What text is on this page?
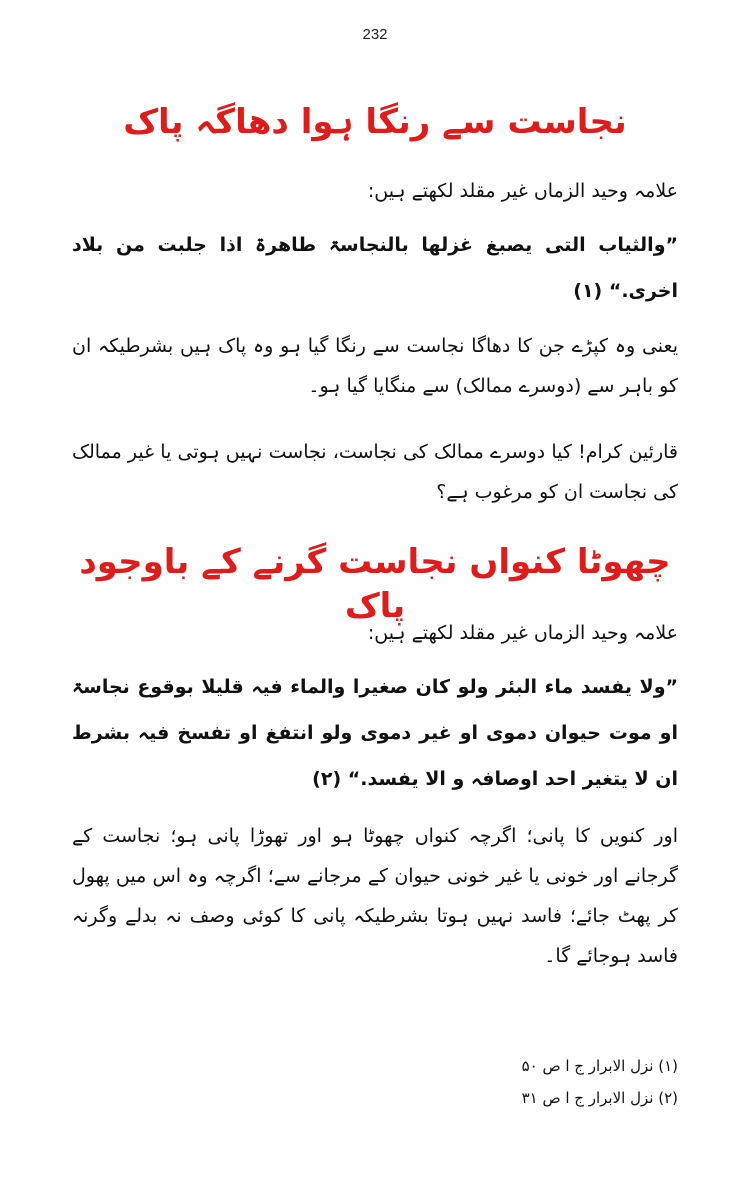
232
نجاست سے رنگا ہوا دھاگہ پاک
علامہ وحید الزماں غیر مقلد لکھتے ہیں:
”والثیاب التی یصبغ غزلھا بالنجاسۃ طاھرۃ اذا جلبت من بلاد اخری.“ (۱)
یعنی وہ کپڑے جن کا دھاگا نجاست سے رنگا گیا ہو وہ پاک ہیں بشرطیکہ ان کو باہر سے (دوسرے ممالک) سے منگایا گیا ہو۔
قارئین کرام! کیا دوسرے ممالک کی نجاست، نجاست نہیں ہوتی یا غیر ممالک کی نجاست ان کو مرغوب ہے؟
چھوٹا کنواں نجاست گرنے کے باوجود پاک
علامہ وحید الزماں غیر مقلد لکھتے ہیں:
”ولا یفسد ماء البئر ولو کان صغیرا والماء فیہ قلیلا بوقوع نجاسۃ او موت حیوان دموی او غیر دموی ولو انتفغ او تفسخ فیہ بشرط ان لا یتغیر احد اوصافہ و الا یفسد.“ (۲)
اور کنویں کا پانی؛ اگرچہ کنواں چھوٹا ہو اور تھوڑا پانی ہو؛ نجاست کے گرجانے اور خونی یا غیر خونی حیوان کے مرجانے سے؛ اگرچہ وہ اس میں پھول کر پھٹ جائے؛ فاسد نہیں ہوتا بشرطیکہ پانی کا کوئی وصف نہ بدلے وگرنہ فاسد ہوجائے گا۔
(۱) نزل الابرار ج ا ص ۵۰
(۲) نزل الابرار ج ا ص ۳۱
